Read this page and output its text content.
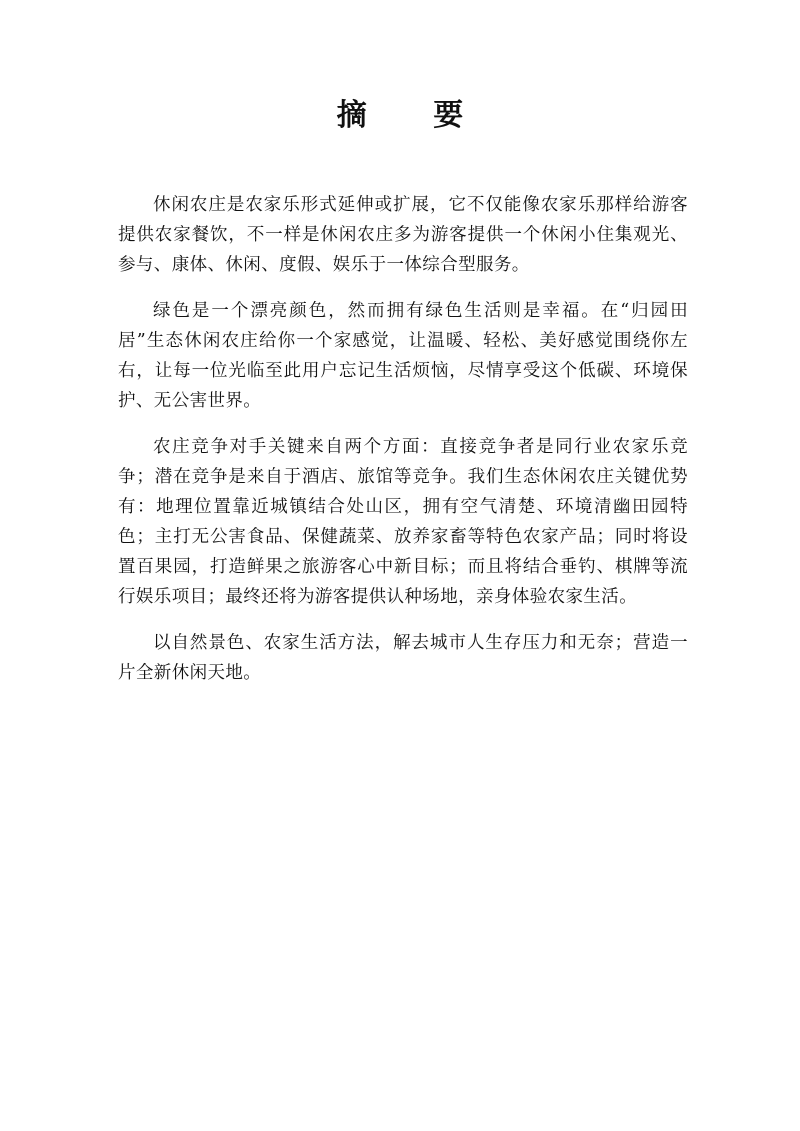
摘 要

休闲农庄是农家乐形式延伸或扩展，它不仅能像农家乐那样给游客提供农家餐饮，不一样是休闲农庄多为游客提供一个休闲小住集观光、参与、康体、休闲、度假、娱乐于一体综合型服务。

绿色是一个漂亮颜色，然而拥有绿色生活则是幸福。在“归园田居”生态休闲农庄给你一个家感觉，让温暖、轻松、美好感觉围绕你左右，让每一位光临至此用户忘记生活烦恼，尽情享受这个低碳、环境保护、无公害世界。

农庄竞争对手关键来自两个方面：直接竞争者是同行业农家乐竞争；潜在竞争是来自于酒店、旅馆等竞争。我们生态休闲农庄关键优势有：地理位置靠近城镇结合处山区，拥有空气清楚、环境清幽田园特色；主打无公害食品、保健蔬菜、放养家畜等特色农家产品；同时将设置百果园，打造鲜果之旅游客心中新目标；而且将结合垂钓、棋牌等流行娱乐项目；最终还将为游客提供认种场地，亲身体验农家生活。

以自然景色、农家生活方法，解去城市人生存压力和无奈；营造一片全新休闲天地。
